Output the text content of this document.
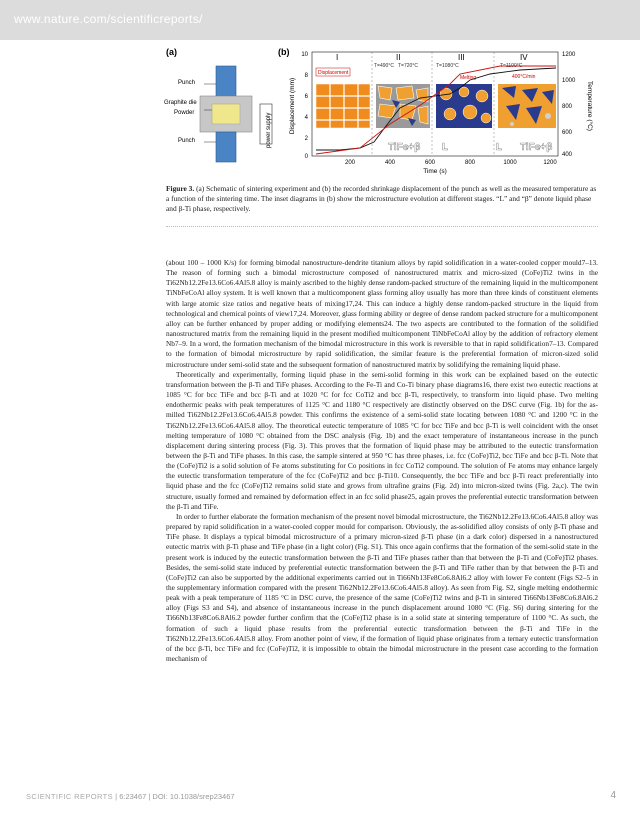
www.nature.com/scientificreports/
(a)
Punch
Graphite die
Powder
Punch	power supply
(b)
I	II	III	IV
T=490°C T=720°C	T=1080°C	T=1100°C
Displacement
Melting	400°C/min
TiFe+β L	L TiFe+β
10
8
6
4
2
0
1200
1000
800
600
400
200	400	600	800	1000	1200
Time (s)
Displacement (mm)	Temperature (°C)
Figure 3. (a) Schematic of sintering experiment and (b) the recorded shrinkage displacement of the punch as well as the measured temperature as a function of the sintering time. The inset diagrams in (b) show the microstructure evolution at different stages. “L” and “β” denote liquid phase and β-Ti phase, respectively.

(about 100 – 1000 K/s) for forming bimodal nanostructure-dendrite titanium alloys by rapid solidification in a water-cooled copper mould7–13. The reason of forming such a bimodal microstructure composed of nanostructured matrix and micro-sized (CoFe)Ti2 twins in the Ti62Nb12.2Fe13.6Co6.4Al5.8 alloy is mainly ascribed to the highly dense random-packed structure of the remaining liquid in the multicomponent TiNbFeCoAl alloy system. It is well known that a multicomponent glass forming alloy usually has more than three kinds of constituent elements with large atomic size ratios and negative heats of mixing17,24. This can induce a highly dense random-packed structure in the liquid from technological and chemical points of view17,24. Moreover, glass forming ability or degree of dense random packed structure for a multicomponent alloy can be further enhanced by proper adding or modifying elements24. The two aspects are contributed to the formation of the solidified nanostructured matrix from the remaining liquid in the present modified multicomponent TiNbFeCoAl alloy by the addition of refractory element Nb7–9. In a word, the formation mechanism of the bimodal microstructure in this work is reversible to that in rapid solidification7–13. Compared to the formation of bimodal microstructure by rapid solidification, the similar feature is the preferential formation of micron-sized solid microstructure under semi-solid state and the subsequent formation of nanostructured matrix by solidifying the remaining liquid phase.

Theoretically and experimentally, forming liquid phase in the semi-solid forming in this work can be explained based on the eutectic transformation between the β-Ti and TiFe phases. According to the Fe-Ti and Co-Ti binary phase diagrams16, there exist two eutectic reactions at 1085 °C for bcc TiFe and bcc β-Ti and at 1020 °C for fcc CoTi2 and bcc β-Ti, respectively, to transform into liquid phase. Two melting endothermic peaks with peak temperatures of 1125 °C and 1180 °C respectively are distinctly observed on the DSC curve (Fig. 1b) for the as-milled Ti62Nb12.2Fe13.6Co6.4Al5.8 powder. This confirms the existence of a semi-solid state locating between 1080 °C and 1200 °C in the Ti62Nb12.2Fe13.6Co6.4Al5.8 alloy. The theoretical eutectic temperature of 1085 °C for bcc TiFe and bcc β-Ti is well coincident with the onset melting temperature of 1080 °C obtained from the DSC analysis (Fig. 1b) and the exact temperature of instantaneous increase in the punch displacement during sintering process (Fig. 3). This proves that the formation of liquid phase may be attributed to the eutectic transformation between the β-Ti and TiFe phases. In this case, the sample sintered at 950 °C has three phases, i.e. fcc (CoFe)Ti2, bcc TiFe and bcc β-Ti. Note that the (CoFe)Ti2 is a solid solution of Fe atoms substituting for Co positions in fcc CoTi2 compound. The solution of Fe atoms may enhance largely the eutectic transformation temperature of the fcc (CoFe)Ti2 and bcc β-Ti10. Consequently, the bcc TiFe and bcc β-Ti react preferentially into liquid phase and the fcc (CoFe)Ti2 remains solid state and grows from ultrafine grains (Fig. 2d) into micron-sized twins (Fig. 2a,c). The twin structure, usually formed and remained by deformation effect in an fcc solid phase25, again proves the preferential eutectic transformation between the β-Ti and TiFe.

In order to further elaborate the formation mechanism of the present novel bimodal microstructure, the Ti62Nb12.2Fe13.6Co6.4Al5.8 alloy was prepared by rapid solidification in a water-cooled copper mould for comparison. Obviously, the as-solidified alloy consists of only β-Ti phase and TiFe phase. It displays a typical bimodal microstructure of a primary micron-sized β-Ti phase (in a dark color) dispersed in a nanostructured eutectic matrix with β-Ti phase and TiFe phase (in a light color) (Fig. S1). This once again confirms that the formation of the semi-solid state in the present work is induced by the eutectic transformation between the β-Ti and TiFe phases rather than that between the β-Ti and (CoFe)Ti2 phases. Besides, the semi-solid state induced by preferential eutectic transformation between the β-Ti and TiFe rather than by that between the β-Ti and (CoFe)Ti2 can also be supported by the additional experiments carried out in Ti66Nb13Fe8Co6.8Al6.2 alloy with lower Fe content (Figs S2–5 in the supplementary information compared with the present Ti62Nb12.2Fe13.6Co6.4Al5.8 alloy). As seen from Fig. S2, single melting endothermic peak with a peak temperature of 1185 °C in DSC curve, the presence of the same (CoFe)Ti2 twins and β-Ti in sintered Ti66Nb13Fe8Co6.8Al6.2 alloy (Figs S3 and S4), and absence of instantaneous increase in the punch displacement around 1080 °C (Fig. S6) during sintering for the Ti66Nb13Fe8Co6.8Al6.2 powder further confirm that the (CoFe)Ti2 phase is in a solid state at sintering temperature of 1100 °C. As such, the formation of such a liquid phase results from the preferential eutectic transformation between the β-Ti and TiFe in the Ti62Nb12.2Fe13.6Co6.4Al5.8 alloy. From another point of view, if the formation of liquid phase originates from a ternary eutectic transformation of the bcc β-Ti, bcc TiFe and fcc (CoFe)Ti2, it is impossible to obtain the bimodal microstructure in the present case according to the formation mechanism of

SCIENTIFIC REPORTS | 6:23467 | DOI: 10.1038/srep23467	4
